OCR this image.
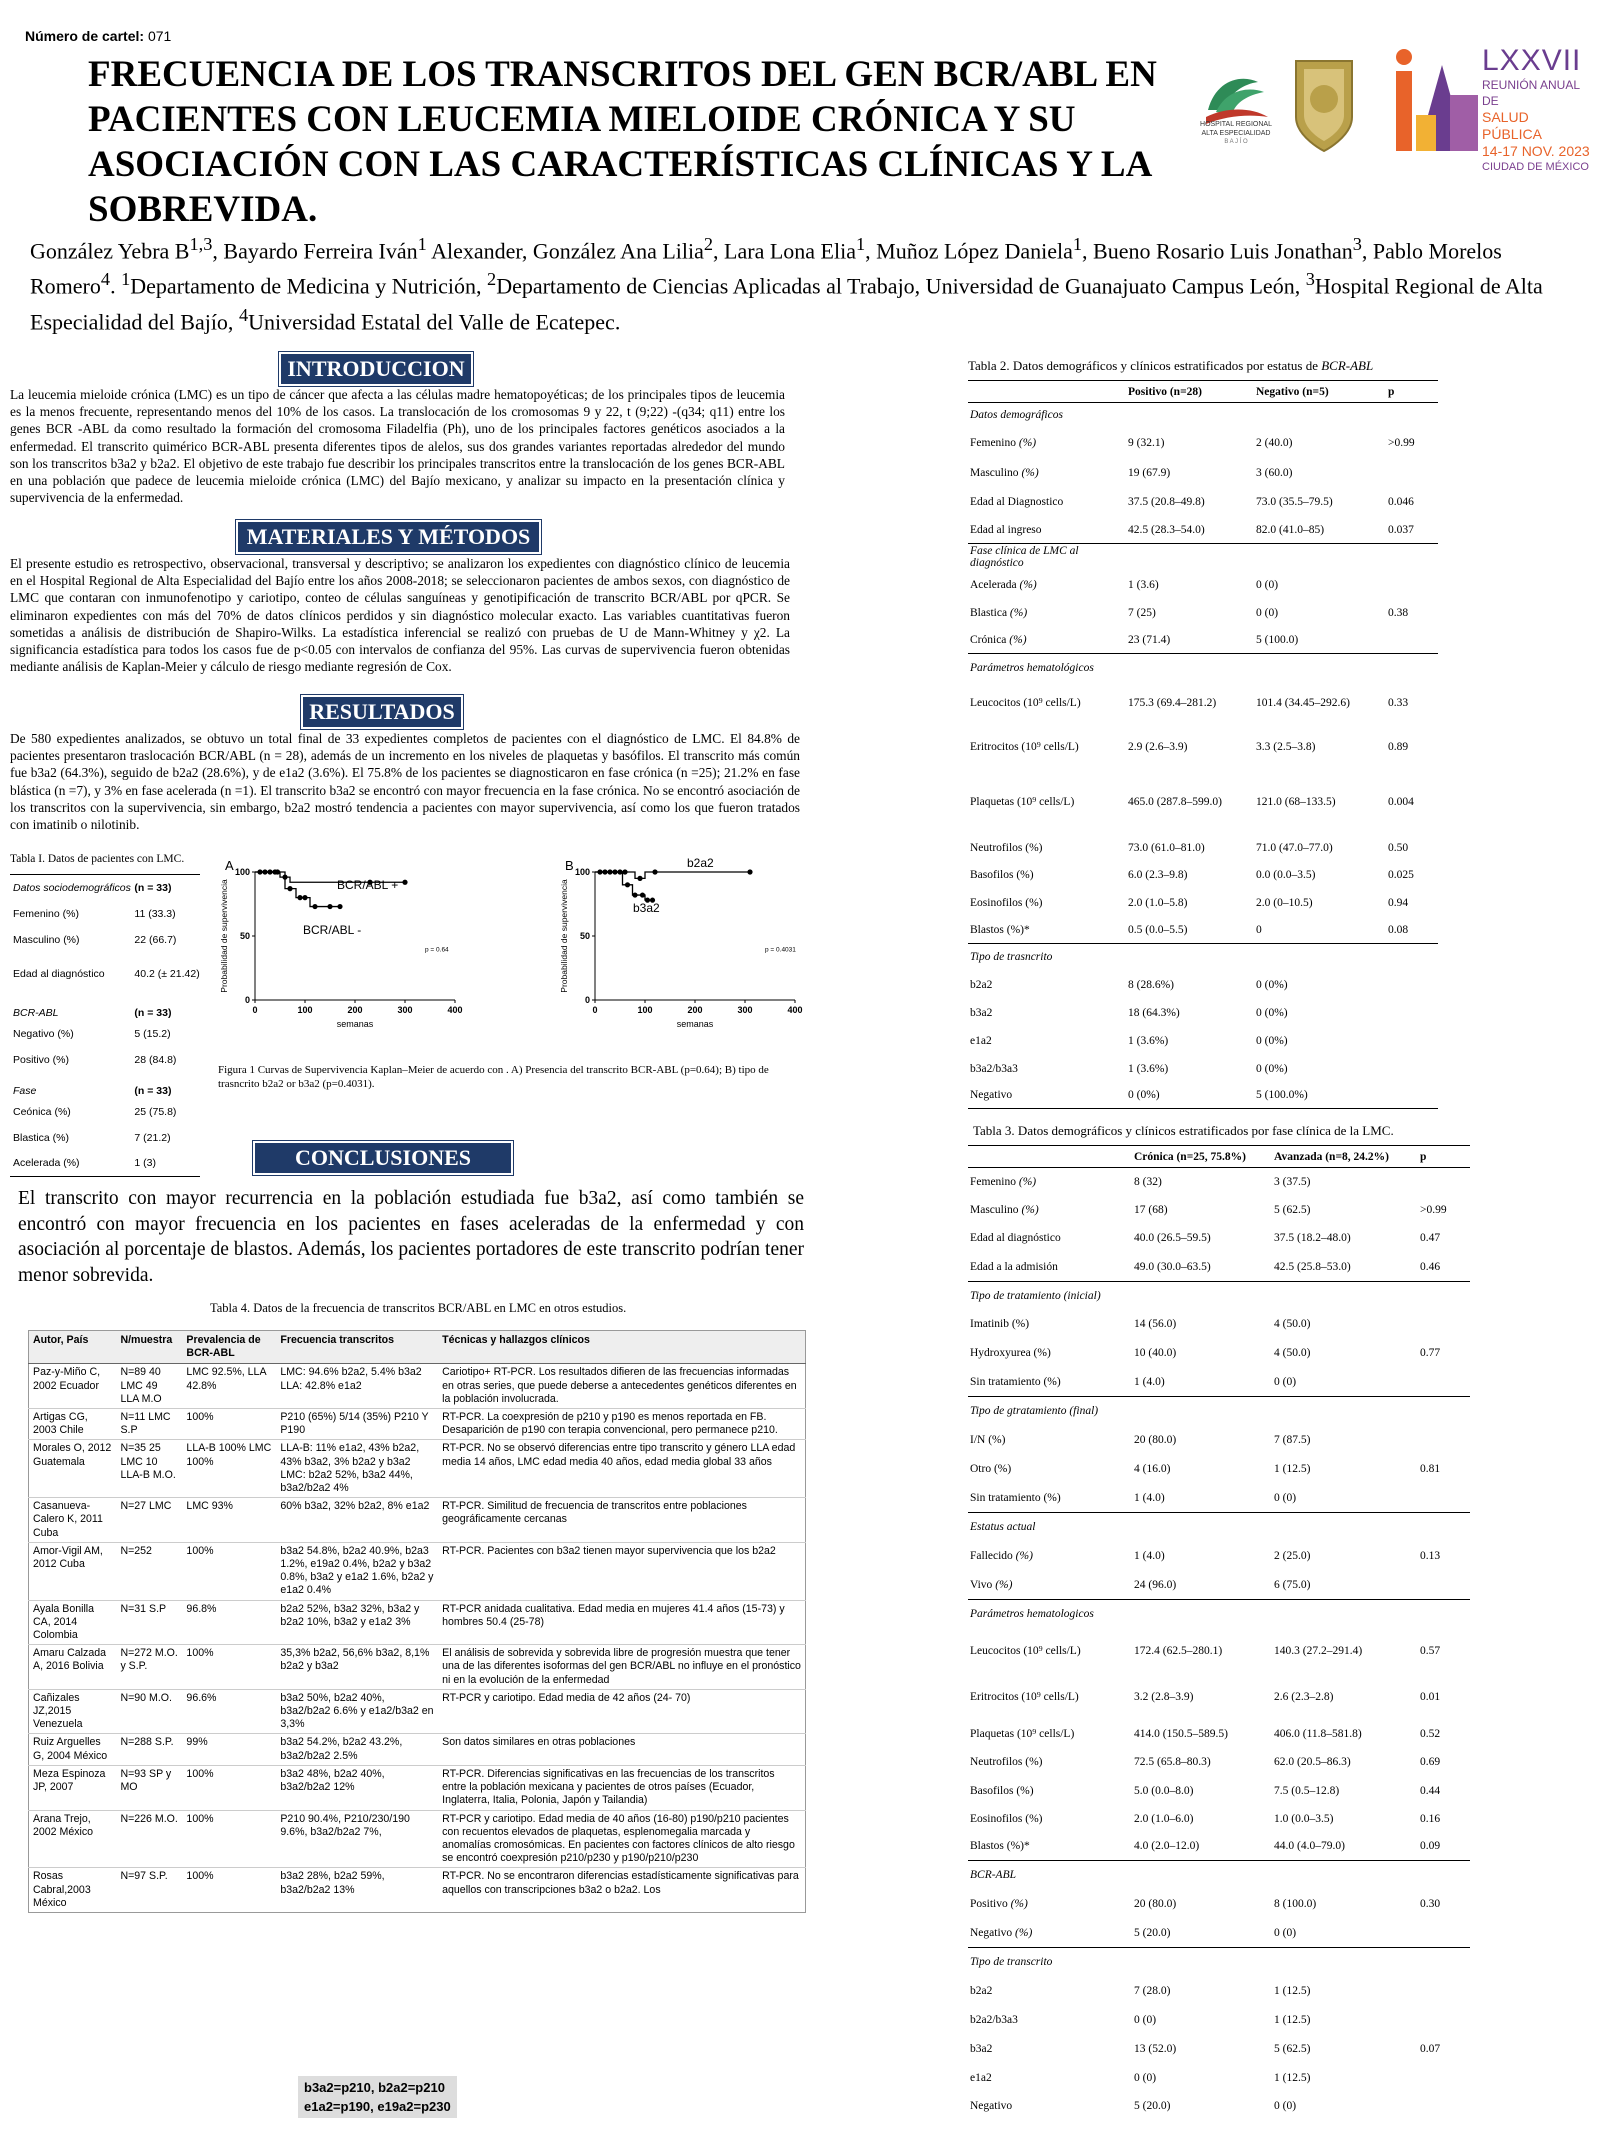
Número de cartel: 071
FRECUENCIA DE LOS TRANSCRITOS DEL GEN BCR/ABL EN PACIENTES CON LEUCEMIA MIELOIDE CRÓNICA Y SU ASOCIACIÓN CON LAS CARACTERÍSTICAS CLÍNICAS Y LA SOBREVIDA.
González Yebra B$^{1,3}$, Bayardo Ferreira Iván$^1$ Alexander, González Ana Lilia$^2$, Lara Lona Elia$^1$, Muñoz López Daniela$^1$, Bueno Rosario Luis Jonathan$^3$, Pablo Morelos Romero$^4$. $^1$Departamento de Medicina y Nutrición, $^2$Departamento de Ciencias Aplicadas al Trabajo, Universidad de Guanajuato Campus León, $^3$Hospital Regional de Alta Especialidad del Bajío, $^4$Universidad Estatal del Valle de Ecatepec.
HOSPITAL REGIONAL
ALTA ESPECIALIDAD
B A J Í O
LXXVII
REUNIÓN ANUAL DE
SALUD PÚBLICA
14-17 NOV. 2023
CIUDAD DE MÉXICO
INTRODUCCION
La leucemia mieloide crónica (LMC) es un tipo de cáncer que afecta a las células madre hematopoyéticas; de los principales tipos de leucemia es la menos frecuente, representando menos del 10% de los casos. La translocación de los cromosomas 9 y 22, t (9;22) -(q34; q11) entre los genes BCR -ABL da como resultado la formación del cromosoma Filadelfia (Ph), uno de los principales factores genéticos asociados a la enfermedad. El transcrito quimérico BCR-ABL presenta diferentes tipos de alelos, sus dos grandes variantes reportadas alrededor del mundo son los transcritos b3a2 y b2a2. El objetivo de este trabajo fue describir los principales transcritos entre la translocación de los genes BCR-ABL en una población que padece de leucemia mieloide crónica (LMC) del Bajío mexicano, y analizar su impacto en la presentación clínica y supervivencia de la enfermedad.
MATERIALES Y MÉTODOS
El presente estudio es retrospectivo, observacional, transversal y descriptivo; se analizaron los expedientes con diagnóstico clínico de leucemia en el Hospital Regional de Alta Especialidad del Bajío entre los años 2008-2018; se seleccionaron pacientes de ambos sexos, con diagnóstico de LMC que contaran con inmunofenotipo y cariotipo, conteo de células sanguíneas y genotipificación de transcrito BCR/ABL por qPCR. Se eliminaron expedientes con más del 70% de datos clínicos perdidos y sin diagnóstico molecular exacto. Las variables cuantitativas fueron sometidas a análisis de distribución de Shapiro-Wilks. La estadística inferencial se realizó con pruebas de U de Mann-Whitney y χ2. La significancia estadística para todos los casos fue de p<0.05 con intervalos de confianza del 95%. Las curvas de supervivencia fueron obtenidas mediante análisis de Kaplan-Meier y cálculo de riesgo mediante regresión de Cox.
RESULTADOS
De 580 expedientes analizados, se obtuvo un total final de 33 expedientes completos de pacientes con el diagnóstico de LMC. El 84.8% de pacientes presentaron traslocación BCR/ABL (n = 28), además de un incremento en los niveles de plaquetas y basófilos. El transcrito más común fue b3a2 (64.3%), seguido de b2a2 (28.6%), y de e1a2 (3.6%). El 75.8% de los pacientes se diagnosticaron en fase crónica (n =25); 21.2% en fase blástica (n =7), y 3% en fase acelerada (n =1). El transcrito b3a2 se encontró con mayor frecuencia en la fase crónica. No se encontró asociación de los transcritos con la supervivencia, sin embargo, b2a2 mostró tendencia a pacientes con mayor supervivencia, así como los que fueron tratados con imatinib o nilotinib.
Tabla I. Datos de pacientes con LMC.
Datos sociodemográficos	(n = 33)
Femenino (%)	11 (33.3)
Masculino (%)	22 (66.7)
Edad al diagnóstico	40.2 (± 21.42)
BCR-ABL	(n = 33)
Negativo (%)	5 (15.2)
Positivo (%)	28 (84.8)
Fase	(n = 33)
Ceónica (%)	25 (75.8)
Blastica (%)	7 (21.2)
Acelerada (%)	1 (3)
A
0	100	200	300	400
0
50
100
semanas
Probabilidad de supervivencia	BCR/ABL +
BCR/ABL -
p = 0.64
B
0	100	200	300	400
0
50
100
semanas
Probabilidad de supervivencia
b2a2
b3a2
p = 0.4031
Figura 1 Curvas de Supervivencia Kaplan–Meier de acuerdo con . A) Presencia del transcrito BCR-ABL (p=0.64); B) tipo de trasncrito b2a2 or b3a2 (p=0.4031).
CONCLUSIONES
El transcrito con mayor recurrencia en la población estudiada fue b3a2, así como también se encontró con mayor frecuencia en los pacientes en fases aceleradas de la enfermedad y con asociación al porcentaje de blastos. Además, los pacientes portadores de este transcrito podrían tener menor sobrevida.
Tabla 4. Datos de la frecuencia de transcritos BCR/ABL en LMC en otros estudios.
Autor, País	N/muestra	Prevalencia de BCR-ABL	Frecuencia transcritos	Técnicas y hallazgos clínicos
Paz-y-Miño C, 2002 Ecuador	N=89 40 LMC 49 LLA M.O	LMC 92.5%, LLA 42.8%	LMC: 94.6% b2a2, 5.4% b3a2 LLA: 42.8% e1a2	Cariotipo+ RT-PCR. Los resultados difieren de las frecuencias informadas en otras series, que puede deberse a antecedentes genéticos diferentes en la población involucrada.
Artigas CG, 2003 Chile	N=11 LMC S.P	100%	P210 (65%) 5/14 (35%) P210 Y P190	RT-PCR. La coexpresión de p210 y p190 es menos reportada en FB. Desaparición de p190 con terapia convencional, pero permanece p210.
Morales O, 2012 Guatemala	N=35 25 LMC 10 LLA-B M.O.	LLA-B 100% LMC 100%	LLA-B: 11% e1a2, 43% b2a2, 43% b3a2, 3% b2a2 y b3a2 LMC: b2a2 52%, b3a2 44%, b3a2/b2a2 4%	RT-PCR. No se observó diferencias entre tipo transcrito y género LLA edad media 14 años, LMC edad media 40 años, edad media global 33 años
Casanueva-Calero K, 2011 Cuba	N=27 LMC	LMC 93%	60% b3a2, 32% b2a2, 8% e1a2	RT-PCR. Similitud de frecuencia de transcritos entre poblaciones geográficamente cercanas
Amor-Vigil AM, 2012 Cuba	N=252	100%	b3a2 54.8%, b2a2 40.9%, b2a3 1.2%, e19a2 0.4%, b2a2 y b3a2 0.8%, b3a2 y e1a2 1.6%, b2a2 y e1a2 0.4%	RT-PCR. Pacientes con b3a2 tienen mayor supervivencia que los b2a2
Ayala Bonilla CA, 2014 Colombia	N=31 S.P	96.8%	b2a2 52%, b3a2 32%, b3a2 y b2a2 10%, b3a2 y e1a2 3%	RT-PCR anidada cualitativa. Edad media en mujeres 41.4 años (15-73) y hombres 50.4 (25-78)
Amaru Calzada A, 2016 Bolivia	N=272 M.O. y S.P.	100%	35,3% b2a2, 56,6% b3a2, 8,1% b2a2 y b3a2	El análisis de sobrevida y sobrevida libre de progresión muestra que tener una de las diferentes isoformas del gen BCR/ABL no influye en el pronóstico ni en la evolución de la enfermedad
Cañizales JZ,2015 Venezuela	N=90 M.O.	96.6%	b3a2 50%, b2a2 40%, b3a2/b2a2 6.6% y e1a2/b3a2 en 3,3%	RT-PCR y cariotipo. Edad media de 42 años (24- 70)
Ruiz Arguelles G, 2004 México	N=288 S.P.	99%	b3a2 54.2%, b2a2 43.2%, b3a2/b2a2 2.5%	Son datos similares en otras poblaciones
Meza Espinoza JP, 2007	N=93 SP y MO	100%	b3a2 48%, b2a2 40%, b3a2/b2a2 12%	RT-PCR. Diferencias significativas en las frecuencias de los transcritos entre la población mexicana y pacientes de otros países (Ecuador, Inglaterra, Italia, Polonia, Japón y Tailandia)
Arana Trejo, 2002 México	N=226 M.O.	100%	P210 90.4%, P210/230/190 9.6%, b3a2/b2a2 7%,	RT-PCR y cariotipo. Edad media de 40 años (16-80) p190/p210 pacientes con recuentos elevados de plaquetas, esplenomegalia marcada y anomalías cromosómicas. En pacientes con factores clínicos de alto riesgo se encontró coexpresión p210/p230 y p190/p210/p230
Rosas Cabral,2003 México	N=97 S.P.	100%	b3a2 28%, b2a2 59%, b3a2/b2a2 13%	RT-PCR. No se encontraron diferencias estadísticamente significativas para aquellos con transcripciones b3a2 o b2a2. Los
b3a2=p210, b2a2=p210
e1a2=p190, e19a2=p230
Tabla 2. Datos demográficos y clínicos estratificados por estatus de BCR-ABL
	Positivo (n=28)	Negativo (n=5)	p
Datos demográficos			
Femenino (%)	9 (32.1)	2 (40.0)	>0.99
Masculino (%)	19 (67.9)	3 (60.0)	
Edad al Diagnostico	37.5 (20.8–49.8)	73.0 (35.5–79.5)	0.046
Edad al ingreso	42.5 (28.3–54.0)	82.0 (41.0–85)	0.037
Fase clínica de LMC al diagnóstico			
Acelerada (%)	1 (3.6)	0 (0)	
Blastica (%)	7 (25)	0 (0)	0.38
Crónica (%)	23 (71.4)	5 (100.0)	
Parámetros hematológicos			
Leucocitos (10⁹ cells/L)	175.3 (69.4–281.2)	101.4 (34.45–292.6)	0.33
Eritrocitos (10⁹ cells/L)	2.9 (2.6–3.9)	3.3 (2.5–3.8)	0.89
Plaquetas (10⁹ cells/L)	465.0 (287.8–599.0)	121.0 (68–133.5)	0.004
Neutrofilos (%)	73.0 (61.0–81.0)	71.0 (47.0–77.0)	0.50
Basofilos (%)	6.0 (2.3–9.8)	0.0 (0.0–3.5)	0.025
Eosinofilos (%)	2.0 (1.0–5.8)	2.0 (0–10.5)	0.94
Blastos (%)*	0.5 (0.0–5.5)	0	0.08
Tipo de trasncrito			
b2a2	8 (28.6%)	0 (0%)	
b3a2	18 (64.3%)	0 (0%)	
e1a2	1 (3.6%)	0 (0%)	
b3a2/b3a3	1 (3.6%)	0 (0%)	
Negativo	0 (0%)	5 (100.0%)	
Tabla 3. Datos demográficos y clínicos estratificados por fase clínica de la LMC.
	Crónica (n=25, 75.8%)	Avanzada (n=8, 24.2%)	p
Femenino (%)	8 (32)	3 (37.5)	
Masculino (%)	17 (68)	5 (62.5)	>0.99
Edad al diagnóstico	40.0 (26.5–59.5)	37.5 (18.2–48.0)	0.47
Edad a la admisión	49.0 (30.0–63.5)	42.5 (25.8–53.0)	0.46
Tipo de tratamiento (inicial)			
Imatinib (%)	14 (56.0)	4 (50.0)	
Hydroxyurea (%)	10 (40.0)	4 (50.0)	0.77
Sin tratamiento (%)	1 (4.0)	0 (0)	
Tipo de gtratamiento (final)			
I/N (%)	20 (80.0)	7 (87.5)	
Otro (%)	4 (16.0)	1 (12.5)	0.81
Sin tratamiento (%)	1 (4.0)	0 (0)	
Estatus actual			
Fallecido (%)	1 (4.0)	2 (25.0)	0.13
Vivo (%)	24 (96.0)	6 (75.0)	
Parámetros hematologicos			
Leucocitos (10⁹ cells/L)	172.4 (62.5–280.1)	140.3 (27.2–291.4)	0.57
Eritrocitos (10⁹ cells/L)	3.2 (2.8–3.9)	2.6 (2.3–2.8)	0.01
Plaquetas (10⁹ cells/L)	414.0 (150.5–589.5)	406.0 (11.8–581.8)	0.52
Neutrofilos (%)	72.5 (65.8–80.3)	62.0 (20.5–86.3)	0.69
Basofilos (%)	5.0 (0.0–8.0)	7.5 (0.5–12.8)	0.44
Eosinofilos (%)	2.0 (1.0–6.0)	1.0 (0.0–3.5)	0.16
Blastos (%)*	4.0 (2.0–12.0)	44.0 (4.0–79.0)	0.09
BCR-ABL			
Positivo (%)	20 (80.0)	8 (100.0)	0.30
Negativo (%)	5 (20.0)	0 (0)	
Tipo de transcrito			
b2a2	7 (28.0)	1 (12.5)	
b2a2/b3a3	0 (0)	1 (12.5)	
b3a2	13 (52.0)	5 (62.5)	0.07
e1a2	0 (0)	1 (12.5)	
Negativo	5 (20.0)	0 (0)	
